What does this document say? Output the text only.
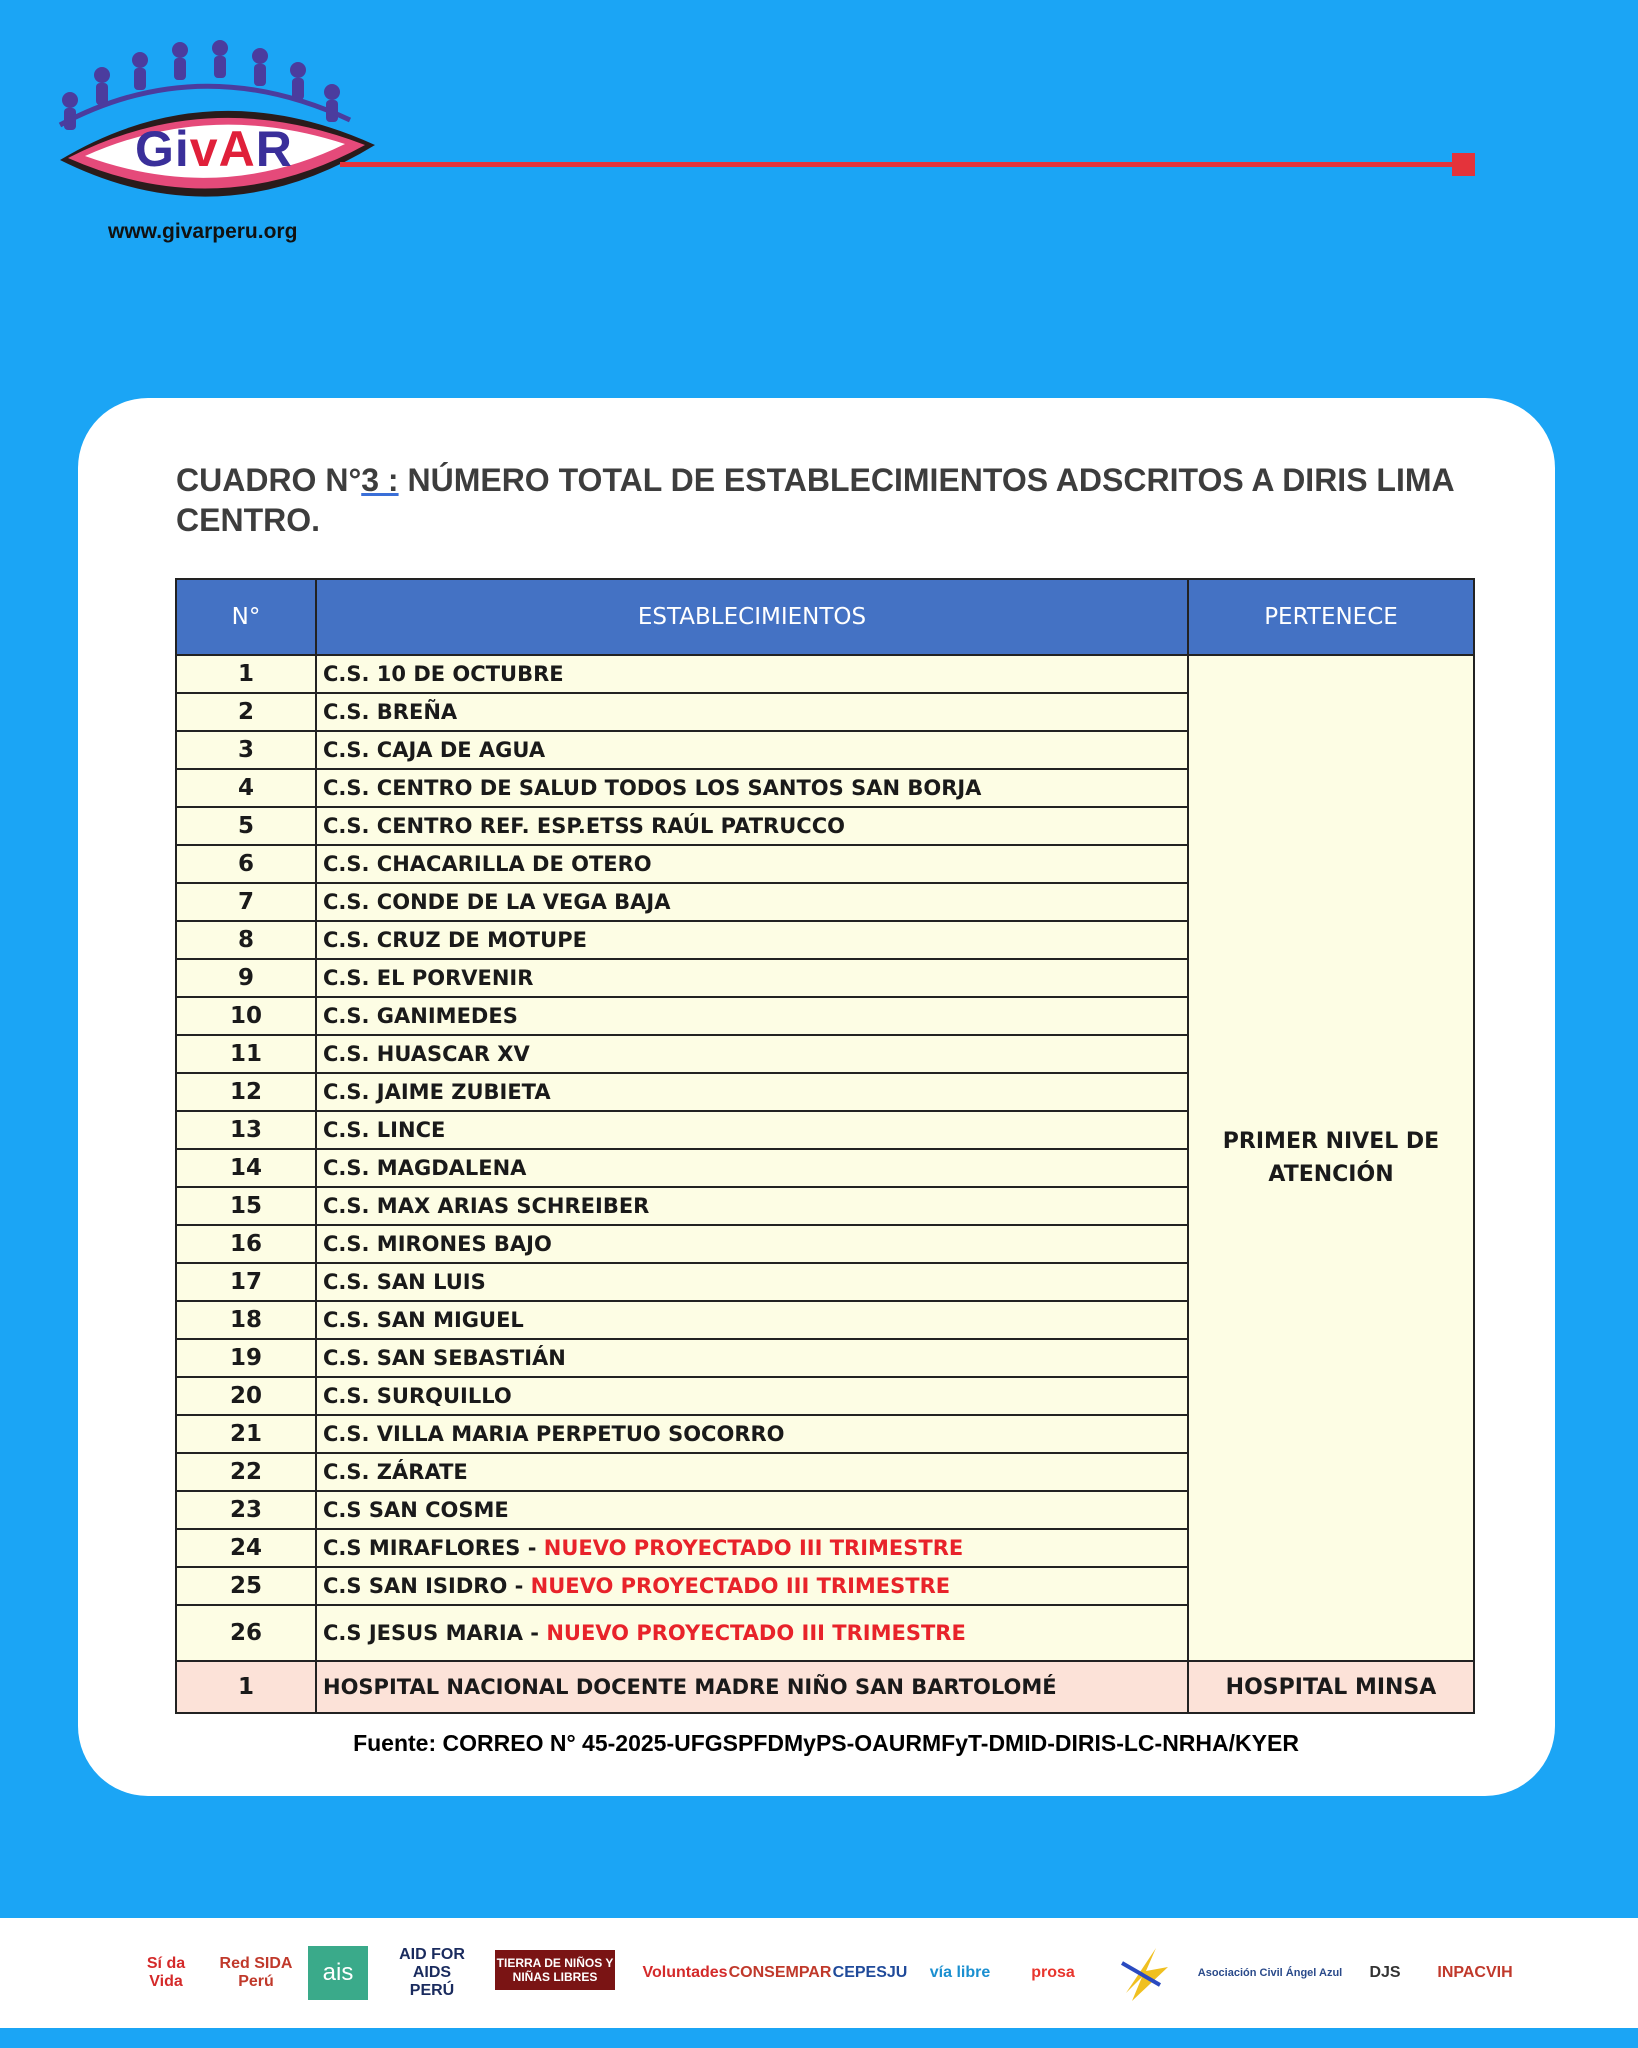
GivAR
www.givarperu.org
CUADRO N°3 : NÚMERO TOTAL DE ESTABLECIMIENTOS ADSCRITOS A DIRIS LIMA CENTRO.
N°	ESTABLECIMIENTOS	PERTENECE
1	C.S. 10 DE OCTUBRE	PRIMER NIVEL DE ATENCIÓN
2	C.S. BREÑA	
3	C.S. CAJA DE AGUA	
4	C.S. CENTRO DE SALUD TODOS LOS SANTOS SAN BORJA	
5	C.S. CENTRO REF. ESP.ETSS RAÚL PATRUCCO	
6	C.S. CHACARILLA DE OTERO	
7	C.S. CONDE DE LA VEGA BAJA	
8	C.S. CRUZ DE MOTUPE	
9	C.S. EL PORVENIR	
10	C.S. GANIMEDES	
11	C.S. HUASCAR XV	
12	C.S. JAIME ZUBIETA	
13	C.S. LINCE	
14	C.S. MAGDALENA	
15	C.S. MAX ARIAS SCHREIBER	
16	C.S. MIRONES BAJO	
17	C.S. SAN LUIS	
18	C.S. SAN MIGUEL	
19	C.S. SAN SEBASTIÁN	
20	C.S. SURQUILLO	
21	C.S. VILLA MARIA PERPETUO SOCORRO	
22	C.S. ZÁRATE	
23	C.S SAN COSME	
24	C.S MIRAFLORES - NUEVO PROYECTADO III TRIMESTRE	
25	C.S SAN ISIDRO - NUEVO PROYECTADO III TRIMESTRE	
26	C.S JESUS MARIA - NUEVO PROYECTADO III TRIMESTRE	
1	HOSPITAL NACIONAL DOCENTE MADRE NIÑO SAN BARTOLOMÉ	HOSPITAL MINSA
Fuente: CORREO N° 45-2025-UFGSPFDMyPS-OAURMFyT-DMID-DIRIS-LC-NRHA/KYER
Sí da Vida
Red SIDA Perú	ais
AID FOR AIDS PERÚ
TIERRA DE NIÑOS Y NIÑAS LIBRES	Voluntades CONSEMPAR CEPESJU	vía libre	prosa	Asociación Civil Ángel Azul	DJS	INPACVIH
